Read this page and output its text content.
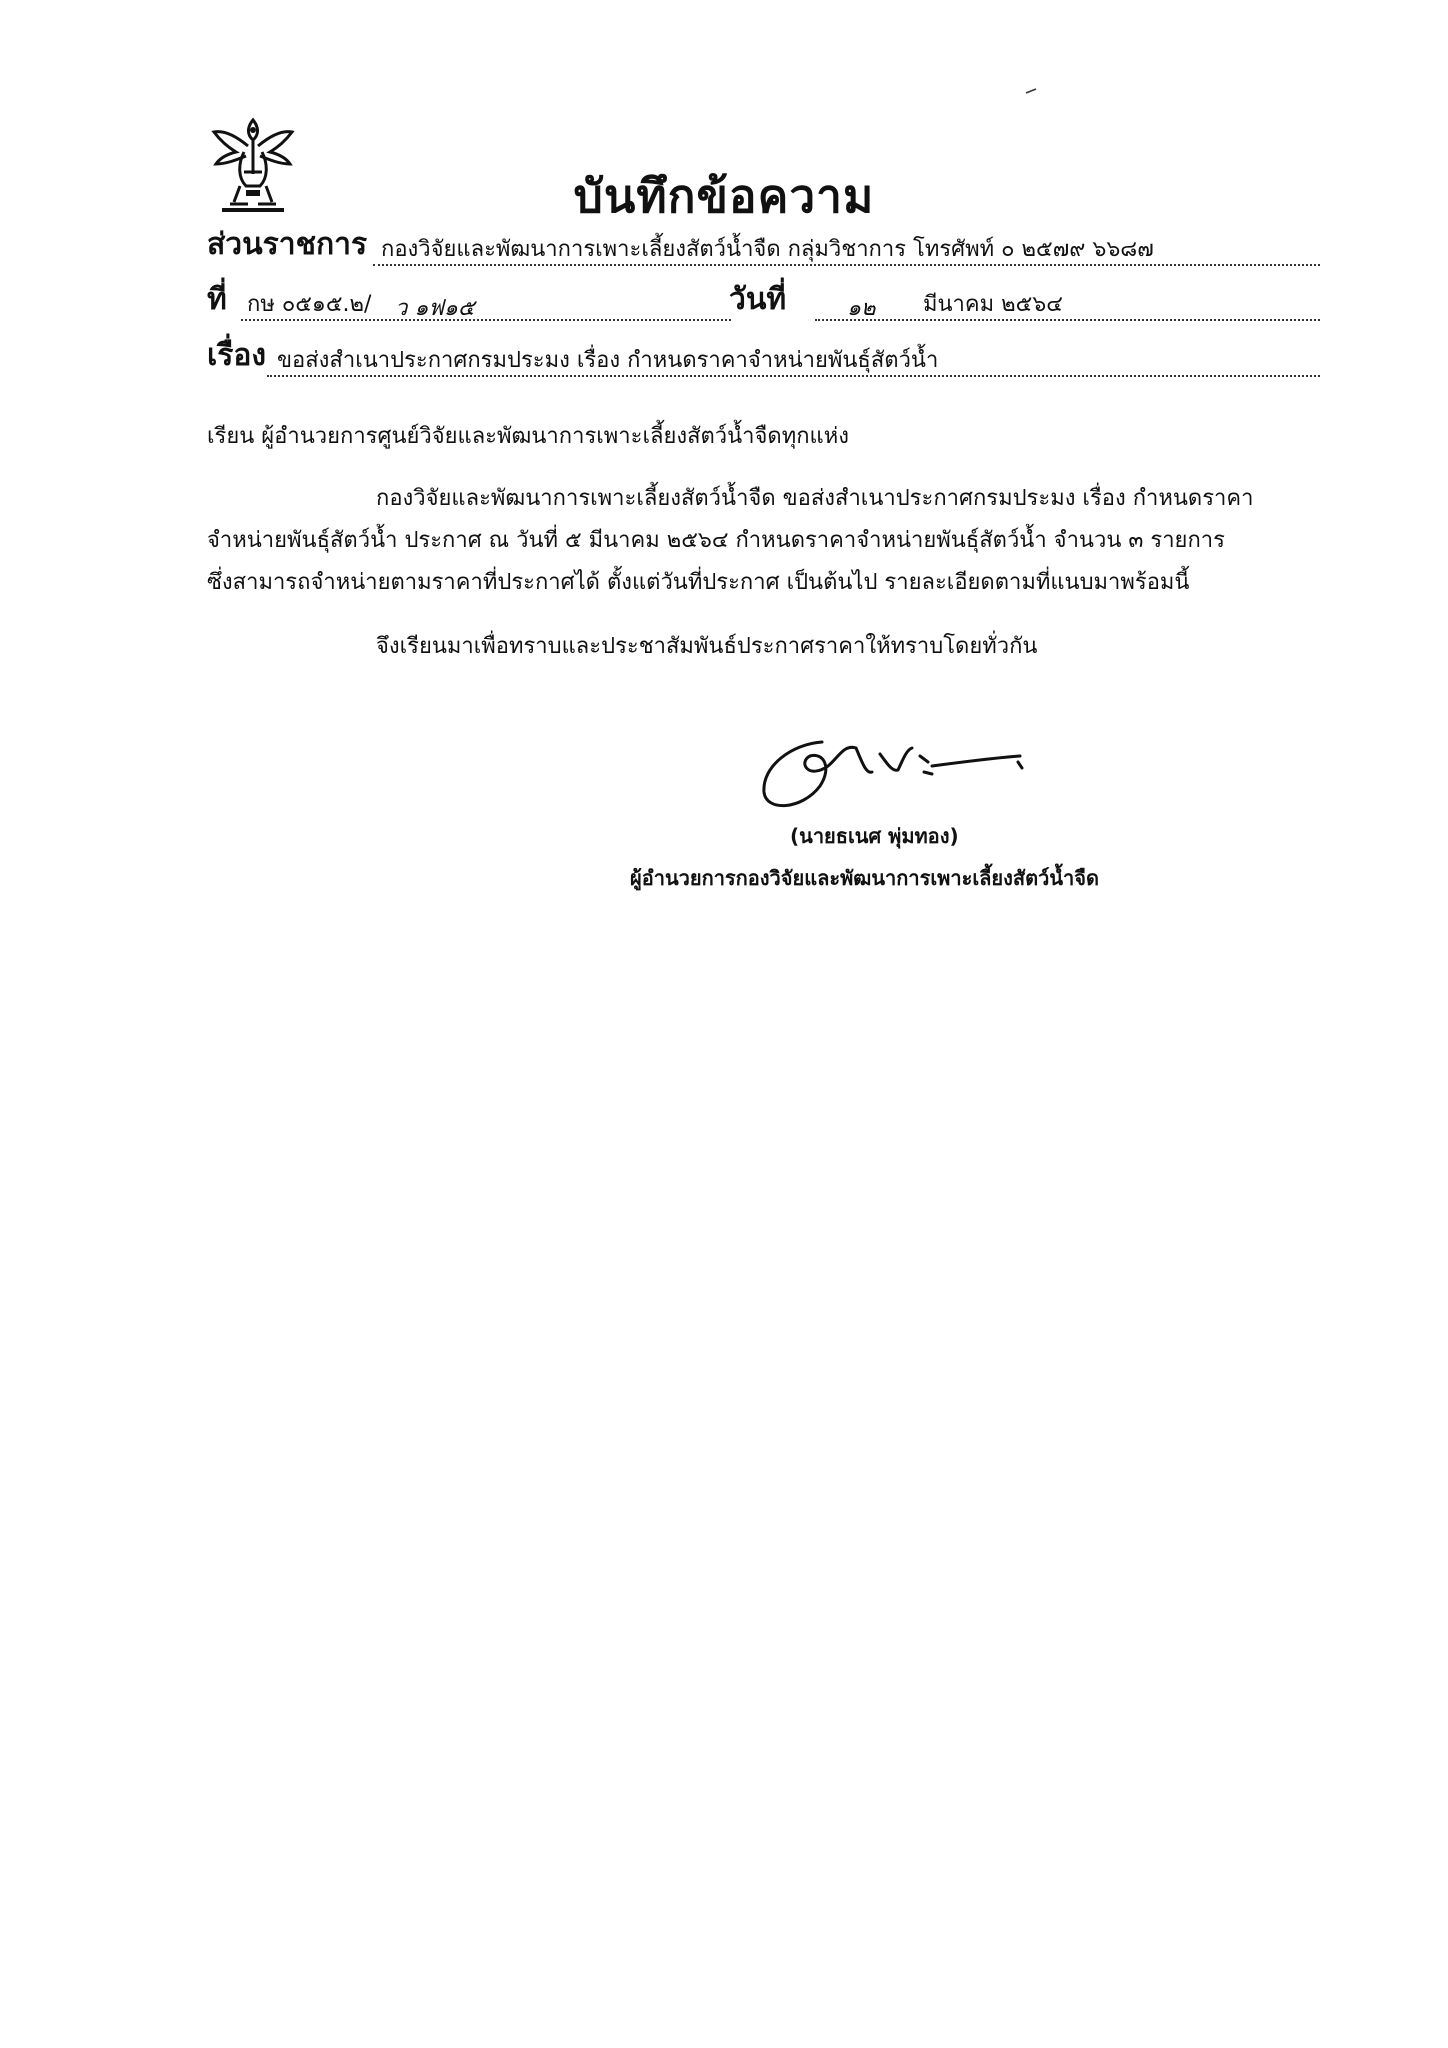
บันทึกข้อความ
ส่วนราชการ กองวิจัยและพัฒนาการเพาะเลี้ยงสัตว์น้ำจืด กลุ่มวิชาการ โทรศัพท์ ๐ ๒๕๗๙ ๖๖๘๗
ที่ กษ ๐๕๑๕.๒/ ว ๑ฟ๑๕	วันที่	๑๒ มีนาคม ๒๕๖๔
เรื่อง ขอส่งสำเนาประกาศกรมประมง เรื่อง กำหนดราคาจำหน่ายพันธุ์สัตว์น้ำ
เรียน ผู้อำนวยการศูนย์วิจัยและพัฒนาการเพาะเลี้ยงสัตว์น้ำจืดทุกแห่ง
กองวิจัยและพัฒนาการเพาะเลี้ยงสัตว์น้ำจืด ขอส่งสำเนาประกาศกรมประมง เรื่อง กำหนดราคา
จำหน่ายพันธุ์สัตว์น้ำ ประกาศ ณ วันที่ ๕ มีนาคม ๒๕๖๔ กำหนดราคาจำหน่ายพันธุ์สัตว์น้ำ จำนวน ๓ รายการ
ซึ่งสามารถจำหน่ายตามราคาที่ประกาศได้ ตั้งแต่วันที่ประกาศ เป็นต้นไป รายละเอียดตามที่แนบมาพร้อมนี้
จึงเรียนมาเพื่อทราบและประชาสัมพันธ์ประกาศราคาให้ทราบโดยทั่วกัน
(นายธเนศ พุ่มทอง)
ผู้อำนวยการกองวิจัยและพัฒนาการเพาะเลี้ยงสัตว์น้ำจืด
